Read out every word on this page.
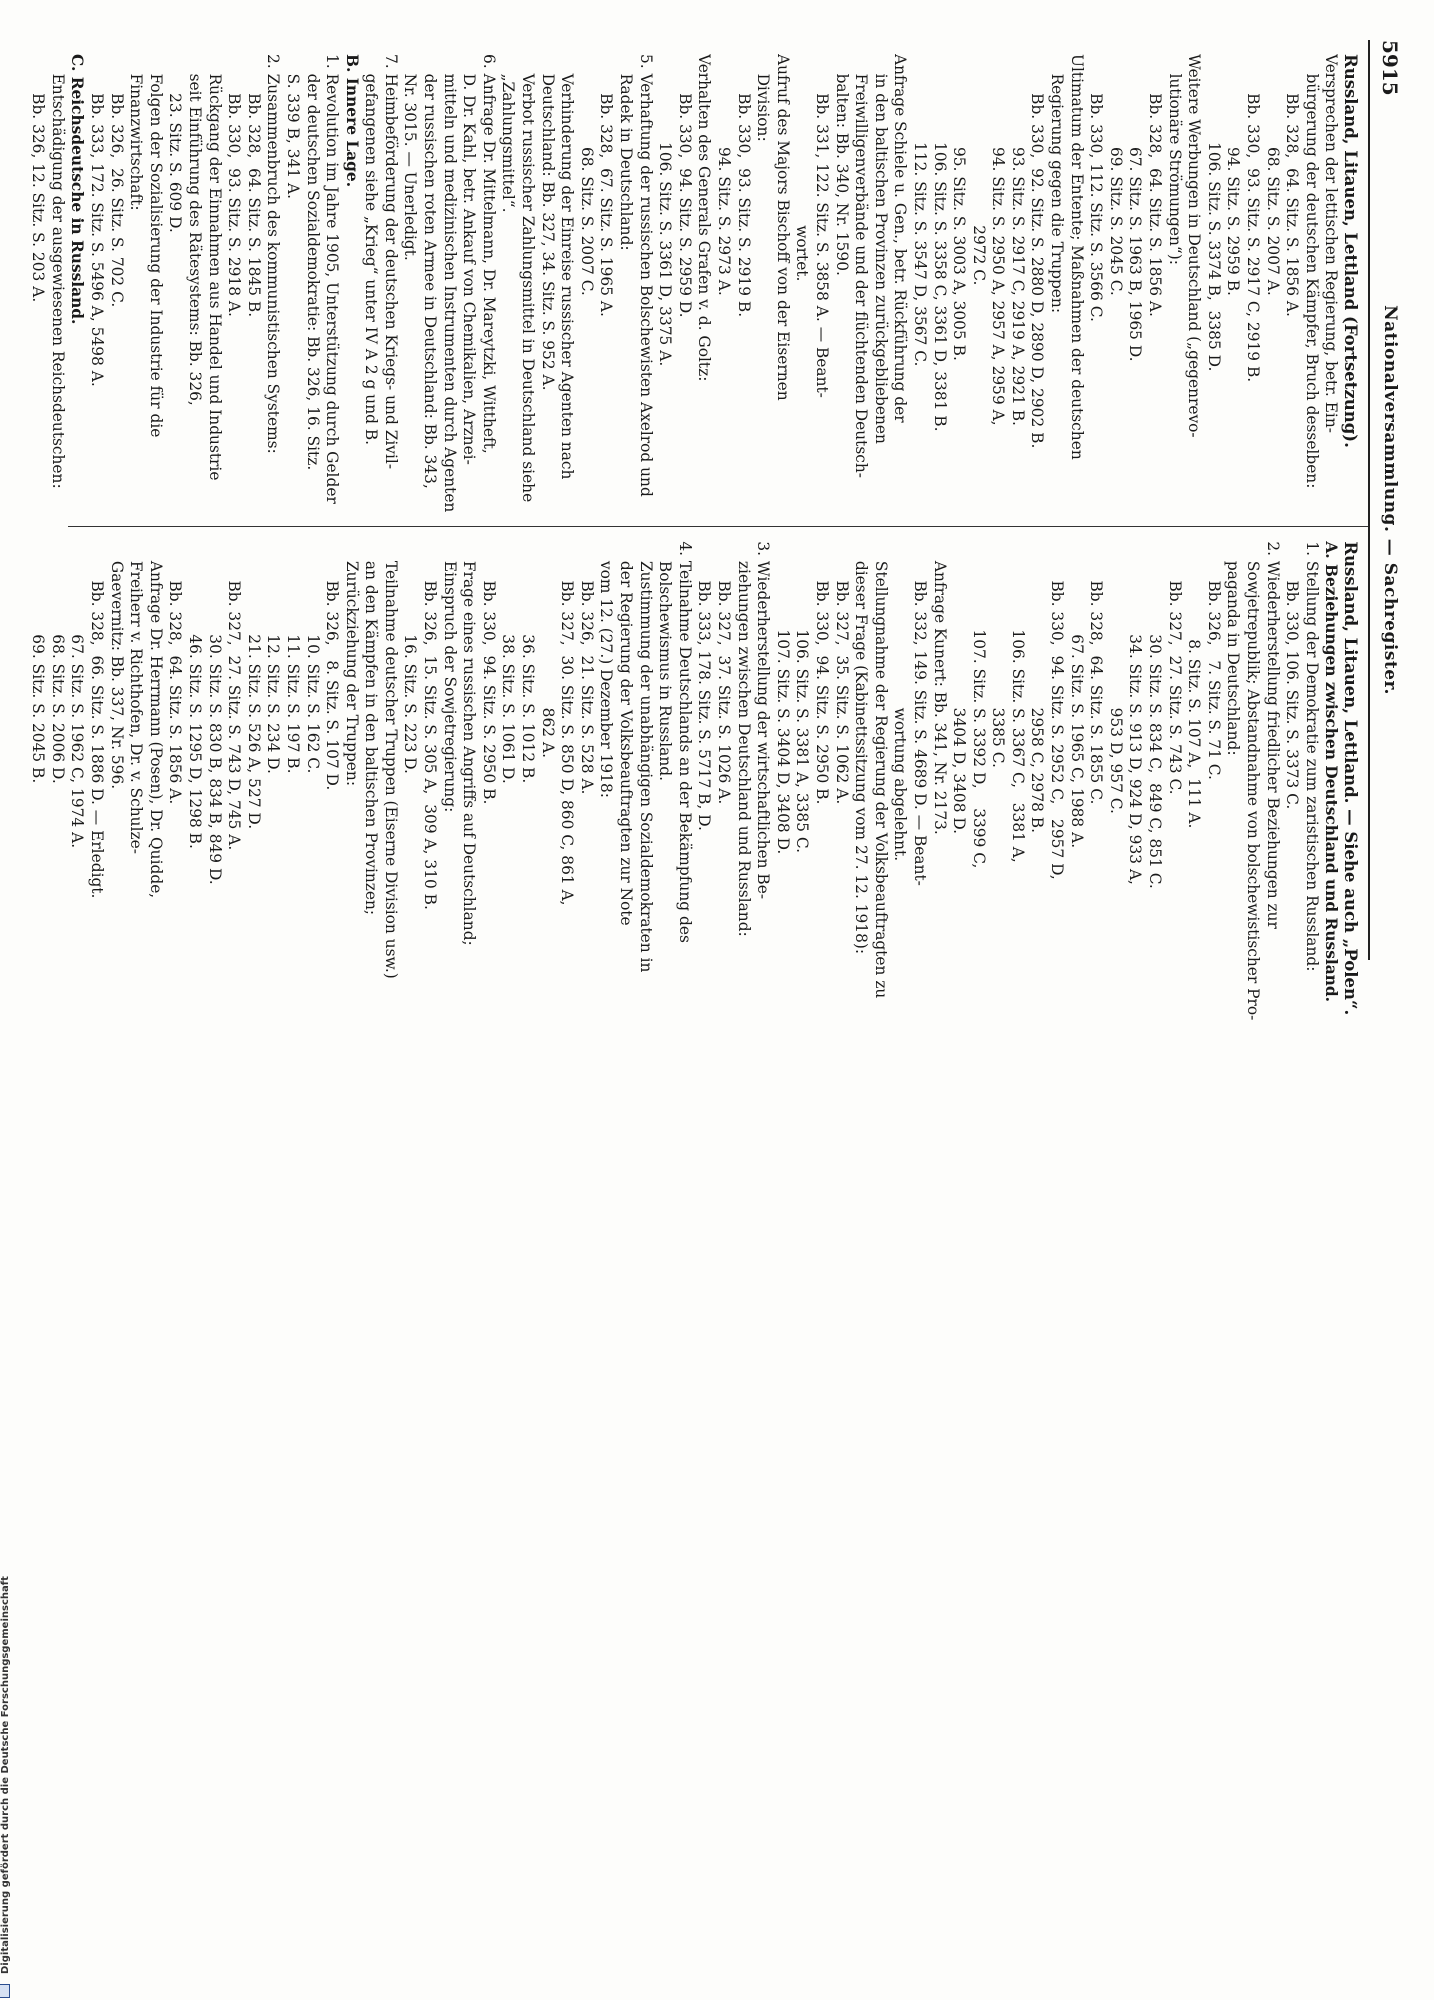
5915
Nationalversammlung. — Sachregister.
Russland, Litauen, Lettland (Fortsetzung).
Versprechen der lettischen Regierung, betr. Ein-
bürgerung der deutschen Kämpfer, Bruch desselben:
Bb. 328,  64. Sitz. S. 1856 A.
68. Sitz. S. 2007 A.
Bb. 330,  93. Sitz. S. 2917 C, 2919 B.
94. Sitz. S. 2959 B.
106. Sitz. S. 3374 B,  3385 D.
Weitere Werbungen in Deutschland („gegenrevo-
lutionäre Strömungen“):
Bb. 328,  64. Sitz. S. 1856 A.
67. Sitz. S. 1963 B, 1965 D.
69. Sitz. S. 2045 C.
Bb. 330, 112. Sitz. S. 3566 C.
Ultimatum der Entente; Maßnahmen der deutschen
Regierung gegen die Truppen:
Bb. 330,  92. Sitz. S. 2880 D, 2890 D, 2902 B.
93. Sitz. S. 2917 C, 2919 A, 2921 B.
94. Sitz. S. 2950 A, 2957 A, 2959 A,
2972 C.
95. Sitz. S. 3003 A, 3005 B.
106. Sitz. S. 3358 C, 3361 D, 3381 B.
112. Sitz. S. 3547 D, 3567 C.
Anfrage Schiele u. Gen., betr. Rückführung der
in den baltischen Provinzen zurückgebliebenen
Freiwilligenverbände und der flüchtenden Deutsch-
balten: Bb. 340, Nr. 1590.
Bb. 331, 122. Sitz. S. 3858 A. — Beant-
wortet.
Aufruf des Majors Bischoff von der Eisernen
Division:
Bb. 330,  93. Sitz. S. 2919 B.
94. Sitz. S. 2973 A.
Verhalten des Generals Grafen v. d. Goltz:
Bb. 330,  94. Sitz. S. 2959 D.
106. Sitz. S. 3361 D, 3375 A.
5. Verhaftung der russischen Bolschewisten Axelrod und
Radek in Deutschland:
Bb. 328,  67. Sitz. S. 1965 A.
68. Sitz. S. 2007 C.
Verhinderung der Einreise russischer Agenten nach
Deutschland: Bb. 327, 34. Sitz. S. 952 A.
Verbot russischer Zahlungsmittel in Deutschland siehe
„Zahlungsmittel“.
6. Anfrage Dr. Mittelmann, Dr. Mareytzki, Wittheft,
D. Dr. Kahl, betr. Ankauf von Chemikalien, Arznei-
mitteln und medizinischen Instrumenten durch Agenten
der russischen roten Armee in Deutschland: Bb. 343,
Nr. 3015. — Unerledigt.
7. Heimbeförderung der deutschen Kriegs- und Zivil-
gefangenen siehe „Krieg“ unter IV A 2 g und B.
B. Innere Lage.
1. Revolution im Jahre 1905, Unterstützung durch Gelder
der deutschen Sozialdemokratie: Bb. 326, 16. Sitz.
S. 339 B, 341 A.
2. Zusammenbruch des kommunistischen Systems:
Bb. 328,  64. Sitz. S. 1845 B.
Bb. 330,  93. Sitz. S. 2918 A.
Rückgang der Einnahmen aus Handel und Industrie
seit Einführung des Rätesystems: Bb. 326,
23. Sitz. S. 609 D.
Folgen der Sozialisierung der Industrie für die
Finanzwirtschaft:
Bb. 326,  26. Sitz. S. 702 C.
Bb. 333, 172. Sitz. S. 5496 A, 5498 A.
C. Reichsdeutsche in Russland.
Entschädigung der ausgewiesenen Reichsdeutschen:
Bb. 326, 12. Sitz. S. 203 A.
Russland, Litauen, Lettland. — Siehe auch „Polen“.
A. Beziehungen zwischen Deutschland und Russland.
1. Stellung der Demokratie zum zaristischen Russland:
Bb. 330, 106. Sitz. S. 3373 C.
2. Wiederherstellung friedlicher Beziehungen zur
Sowjetrepublik; Abstandnahme von bolschewistischer Pro-
paganda in Deutschland:
Bb. 326,   7. Sitz. S. 71 C.
8. Sitz. S. 107 A,  111 A.
Bb. 327,  27. Sitz. S. 743 C.
30. Sitz. S. 834 C,  849 C, 851 C.
34. Sitz. S. 913 D, 924 D, 933 A,
953 D, 957 C.
Bb. 328,  64. Sitz. S. 1855 C.
67. Sitz. S. 1965 C, 1988 A.
Bb. 330,  94. Sitz. S. 2952 C,   2957 D,
2958 C, 2978 B.
106. Sitz. S. 3367 C,   3381 A,
3385 C.
107. Sitz. S. 3392 D,    3399 C,
3404 D, 3408 D.
Anfrage Kunert: Bb. 341, Nr. 2173.
Bb. 332, 149. Sitz. S. 4689 D. — Beant-
wortung abgelehnt.
Stellungnahme der Regierung der Volksbeauftragten zu
dieser Frage (Kabinettssitzung vom 27. 12. 1918):
Bb. 327,  35. Sitz. S. 1062 A.
Bb. 330,  94. Sitz. S. 2950 B.
106. Sitz. S. 3381 A, 3385 C.
107. Sitz. S. 3404 D, 3408 D.
3. Wiederherstellung der wirtschaftlichen Be-
ziehungen zwischen Deutschland und Russland:
Bb. 327,  37. Sitz. S. 1026 A.
Bb. 333, 178. Sitz. S. 5717 B, D.
4. Teilnahme Deutschlands an der Bekämpfung des
Bolschewismus in Russland.
Zustimmung der unabhängigen Sozialdemokraten in
der Regierung der Volksbeauftragten zur Note
vom 12. (27.) Dezember 1918:
Bb. 326,  21. Sitz. S. 528 A.
Bb. 327,  30. Sitz. S. 850 D, 860 C, 861 A,
862 A.
36. Sitz. S. 1012 B.
38. Sitz. S. 1061 D.
Bb. 330,  94. Sitz. S. 2950 B.
Frage eines russischen Angriffs auf Deutschland;
Einspruch der Sowjetregierung:
Bb. 326,  15. Sitz. S. 305 A,  309 A, 310 B.
16. Sitz. S. 223 D.
Teilnahme deutscher Truppen (Eiserne Division usw.)
an den Kämpfen in den baltischen Provinzen;
Zurückziehung der Truppen:
Bb. 326,   8. Sitz. S. 107 D.
10. Sitz. S. 162 C.
11. Sitz. S. 197 B.
12. Sitz. S. 234 D.
21. Sitz. S. 526 A, 527 D.
Bb. 327,  27. Sitz. S. 743 D, 745 A.
30. Sitz. S. 830 B, 834 B, 849 D.
46. Sitz. S. 1295 D, 1298 B.
Bb. 328,  64. Sitz. S. 1856 A.
Anfrage Dr. Herrmann (Posen), Dr. Quidde,
Freiherr v. Richthofen, Dr. v. Schulze-
Gaevernitz: Bb. 337, Nr. 596.
Bb. 328,  66. Sitz. S. 1886 D. — Erledigt.
67. Sitz. S. 1962 C, 1974 A.
68. Sitz. S. 2006 D.
69. Sitz. S. 2045 B.
Digitalisierung gefördert durch die Deutsche Forschungsgemeinschaft
